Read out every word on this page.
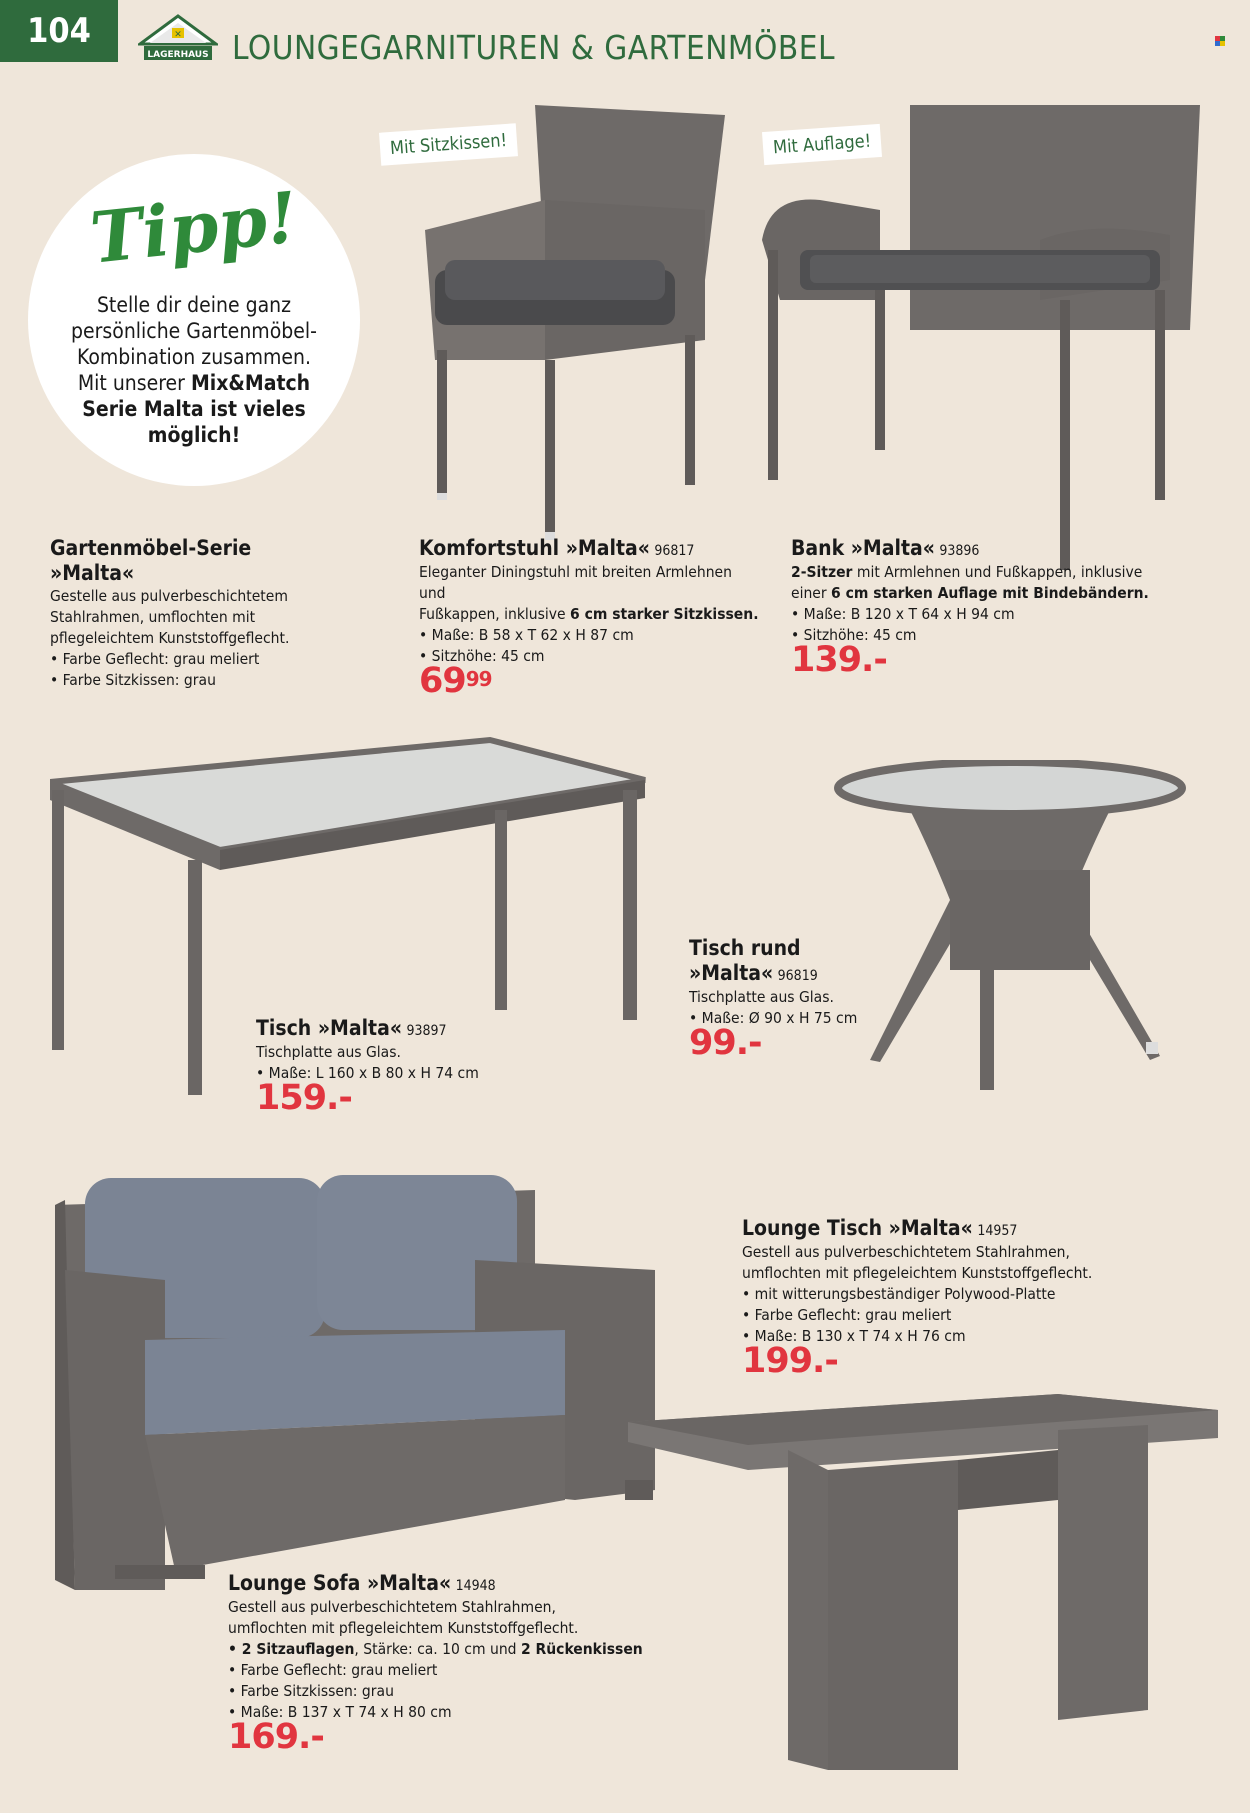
104	✕
LAGERHAUS LOUNGEGARNITUREN & GARTENMÖBEL
Tipp!
Stelle dir deine ganz
persönliche Gartenmöbel-
Kombination zusammen.
Mit unserer Mix&Match
Serie Malta ist vieles
möglich!
Mit Sitzkissen!	Mit Auflage!
Gartenmöbel-Serie
»Malta«

Gestelle aus pulverbeschichtetem

Stahlrahmen, umflochten mit

pflegeleichtem Kunststoffgeflecht.

• Farbe Geflecht: grau meliert

• Farbe Sitzkissen: grau

Komfortstuhl »Malta« 96817

Eleganter Diningstuhl mit breiten Armlehnen und

Fußkappen, inklusive 6 cm starker Sitzkissen.

• Maße: B 58 x T 62 x H 87 cm

• Sitzhöhe: 45 cm

$69^{99}$
Bank »Malta« 93896

2-Sitzer mit Armlehnen und Fußkappen, inklusive

einer 6 cm starken Auflage mit Bindebändern.

• Maße: B 120 x T 64 x H 94 cm

• Sitzhöhe: 45 cm

139.-
Tisch »Malta« 93897

Tischplatte aus Glas.

• Maße: L 160 x B 80 x H 74 cm

159.-
Tisch rund
»Malta« 96819

Tischplatte aus Glas.

• Maße: Ø 90 x H 75 cm

99.-
Lounge Tisch »Malta« 14957

Gestell aus pulverbeschichtetem Stahlrahmen,

umflochten mit pflegeleichtem Kunststoffgeflecht.

• mit witterungsbeständiger Polywood-Platte

• Farbe Geflecht: grau meliert

• Maße: B 130 x T 74 x H 76 cm

199.-
Lounge Sofa »Malta« 14948

Gestell aus pulverbeschichtetem Stahlrahmen,

umflochten mit pflegeleichtem Kunststoffgeflecht.

• 2 Sitzauflagen, Stärke: ca. 10 cm und 2 Rückenkissen

• Farbe Geflecht: grau meliert

• Farbe Sitzkissen: grau

• Maße: B 137 x T 74 x H 80 cm

169.-
